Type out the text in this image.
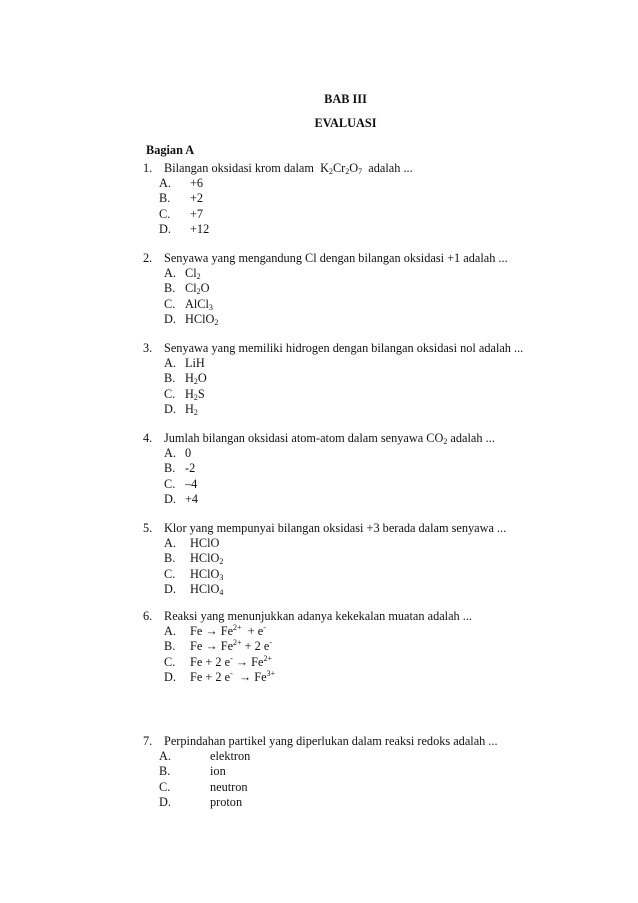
BAB III
EVALUASI
Bagian A
1. Bilangan oksidasi krom dalam  $K_2Cr_2O_7$  adalah ...
A. +6
B. +2
C. +7
D. +12
2. Senyawa yang mengandung Cl dengan bilangan oksidasi +1 adalah ...
A. $Cl_2$
B. $Cl_2O$
C. AlCl$_3$
D. HClO$_2$
3. Senyawa yang memiliki hidrogen dengan bilangan oksidasi nol adalah ...
A. LiH
B. $H_2O$
C. $H_2S$
D. $H_2$
4. Jumlah bilangan oksidasi atom-atom dalam senyawa $CO_2$ adalah ...
A. 0
B. -2
C. –4
D. +4
5. Klor yang mempunyai bilangan oksidasi +3 berada dalam senyawa ...
A. HClO
B. HClO$_2$
C. HClO$_3$
D. HClO$_4$
6. Reaksi yang menunjukkan adanya kekekalan muatan adalah ...
A. $Fe \to Fe^{2+} + e^-$
B. $Fe \to Fe^{2+} + 2$ e-
C. Fe + 2 $e^- \to Fe^{2+}$
D. Fe + 2 $e^- \to Fe^{3+}$
7. Perpindahan partikel yang diperlukan dalam reaksi redoks adalah ...
A.	elektron
B.	ion
C.	neutron
D.	proton
